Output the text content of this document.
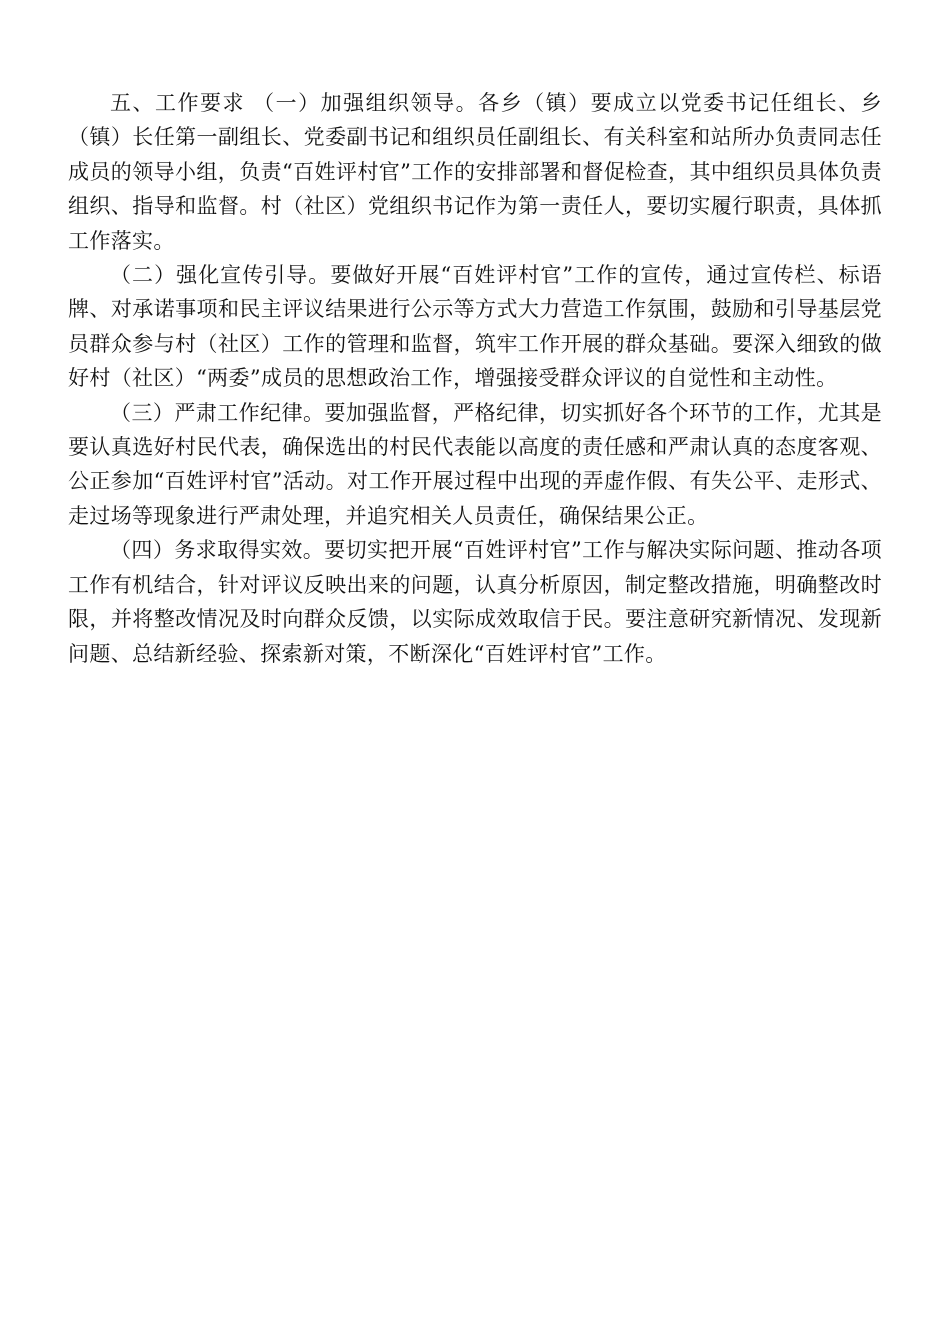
五、工作要求 （一）加强组织领导。各乡（镇）要成立以党委书记任组长、乡（镇）长任第一副组长、党委副书记和组织员任副组长、有关科室和站所办负责同志任成员的领导小组，负责“百姓评村官”工作的安排部署和督促检查，其中组织员具体负责组织、指导和监督。村（社区）党组织书记作为第一责任人，要切实履行职责，具体抓工作落实。

（二）强化宣传引导。要做好开展“百姓评村官”工作的宣传，通过宣传栏、标语牌、对承诺事项和民主评议结果进行公示等方式大力营造工作氛围，鼓励和引导基层党员群众参与村（社区）工作的管理和监督，筑牢工作开展的群众基础。要深入细致的做好村（社区）“两委”成员的思想政治工作，增强接受群众评议的自觉性和主动性。

（三）严肃工作纪律。要加强监督，严格纪律，切实抓好各个环节的工作，尤其是要认真选好村民代表，确保选出的村民代表能以高度的责任感和严肃认真的态度客观、公正参加“百姓评村官”活动。对工作开展过程中出现的弄虚作假、有失公平、走形式、走过场等现象进行严肃处理，并追究相关人员责任，确保结果公正。

（四）务求取得实效。要切实把开展“百姓评村官”工作与解决实际问题、推动各项工作有机结合，针对评议反映出来的问题，认真分析原因，制定整改措施，明确整改时限，并将整改情况及时向群众反馈，以实际成效取信于民。要注意研究新情况、发现新问题、总结新经验、探索新对策，不断深化“百姓评村官”工作。
